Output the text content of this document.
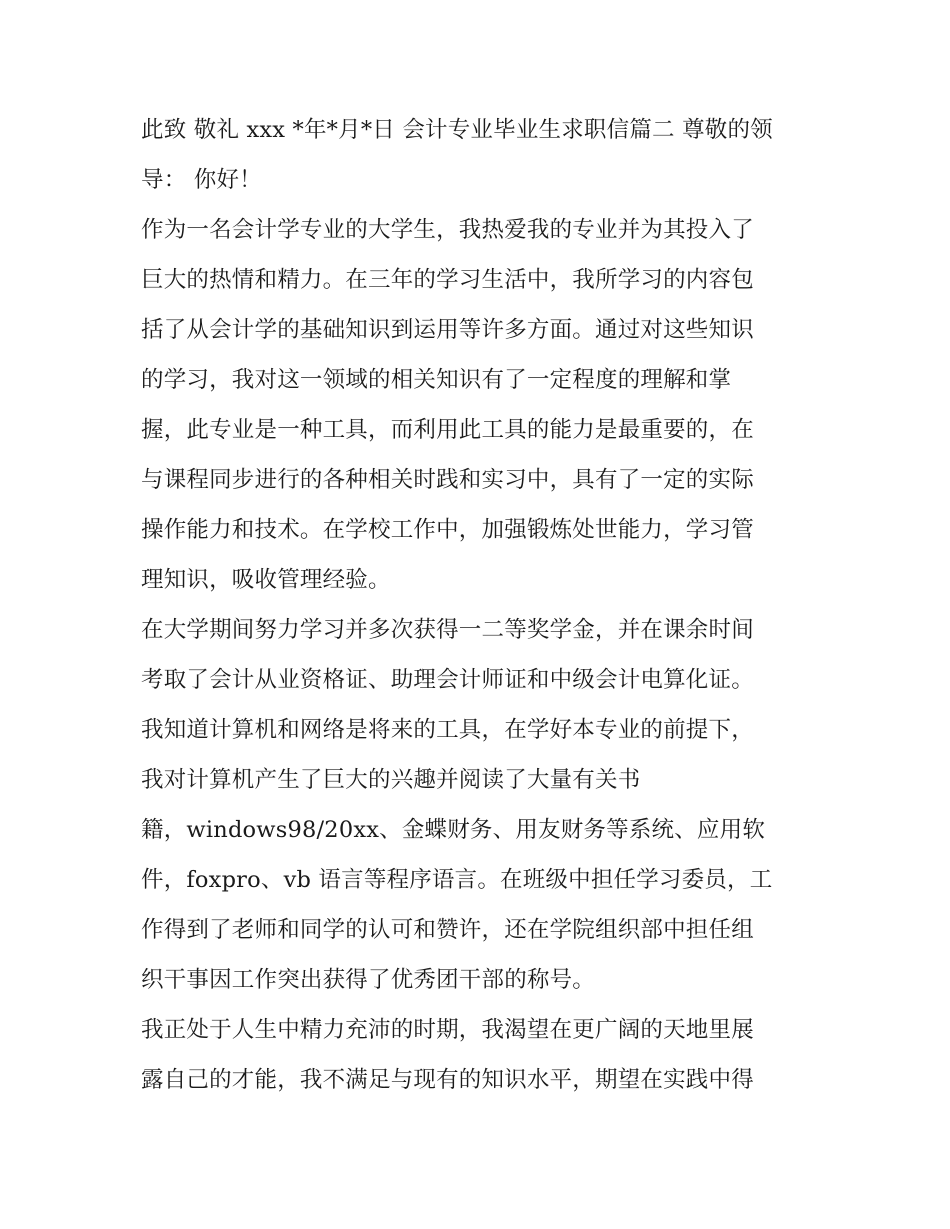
此致 敬礼 xxx *年*月*日 会计专业毕业生求职信篇二 尊敬的领

导： 你好！

作为一名会计学专业的大学生，我热爱我的专业并为其投入了

巨大的热情和精力。在三年的学习生活中，我所学习的内容包

括了从会计学的基础知识到运用等许多方面。通过对这些知识

的学习，我对这一领域的相关知识有了一定程度的理解和掌

握，此专业是一种工具，而利用此工具的能力是最重要的，在

与课程同步进行的各种相关时践和实习中，具有了一定的实际

操作能力和技术。在学校工作中，加强锻炼处世能力，学习管

理知识，吸收管理经验。

在大学期间努力学习并多次获得一二等奖学金，并在课余时间

考取了会计从业资格证、助理会计师证和中级会计电算化证。

我知道计算机和网络是将来的工具，在学好本专业的前提下，

我对计算机产生了巨大的兴趣并阅读了大量有关书

籍，windows98/20xx、金蝶财务、用友财务等系统、应用软

件，foxpro、vb 语言等程序语言。在班级中担任学习委员，工

作得到了老师和同学的认可和赞许，还在学院组织部中担任组

织干事因工作突出获得了优秀团干部的称号。

我正处于人生中精力充沛的时期，我渴望在更广阔的天地里展

露自己的才能，我不满足与现有的知识水平，期望在实践中得
